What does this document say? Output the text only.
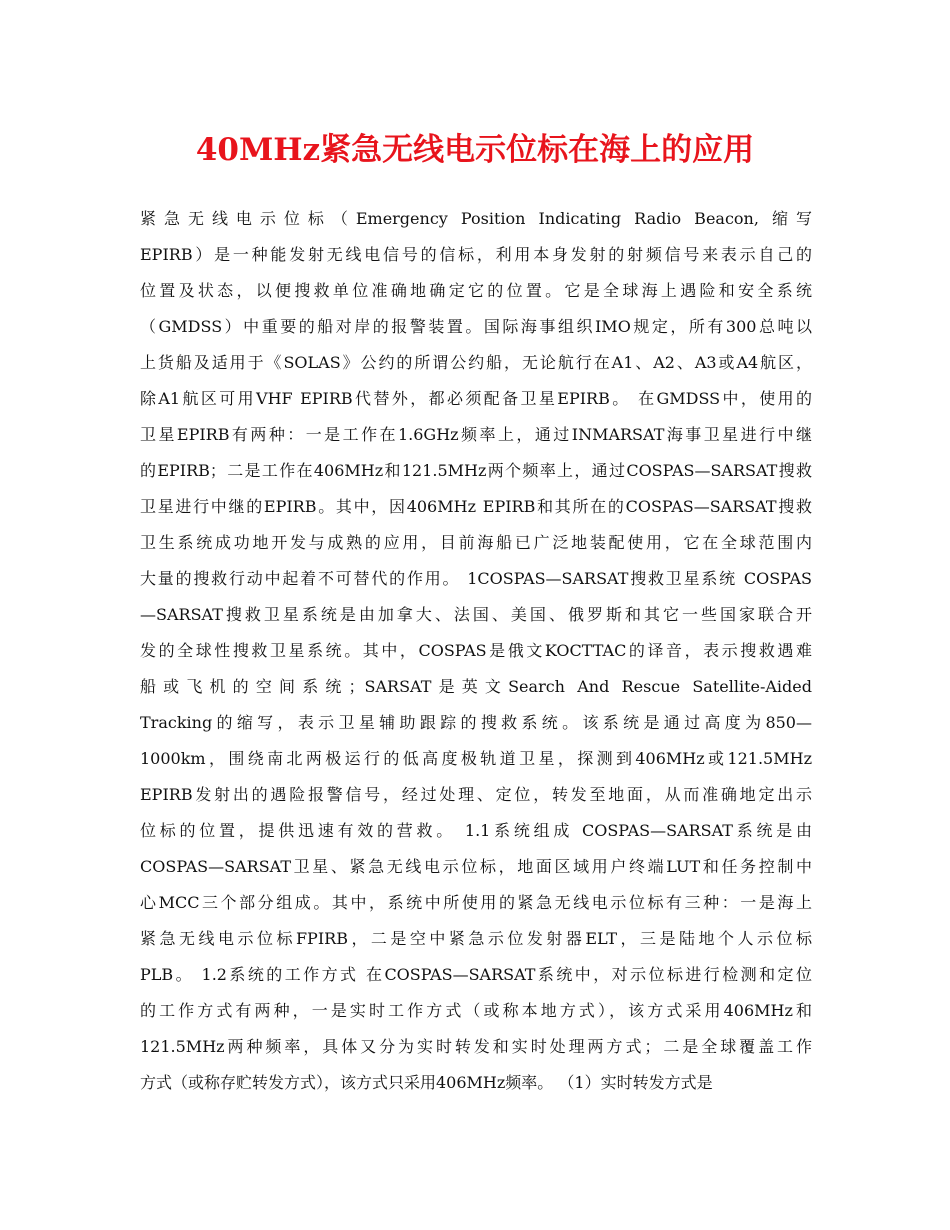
40MHz紧急无线电示位标在海上的应用
紧急无线电示位标（Emergency Position Indicating Radio Beacon, 缩写
EPIRB）是一种能发射无线电信号的信标，利用本身发射的射频信号来表示自己的
位置及状态，以便搜救单位准确地确定它的位置。它是全球海上遇险和安全系统
（GMDSS）中重要的船对岸的报警装置。国际海事组织IMO规定，所有300总吨以
上货船及适用于《SOLAS》公约的所谓公约船，无论航行在A1、A2、A3或A4航区，
除A1航区可用VHF EPIRB代替外，都必须配备卫星EPIRB。 在GMDSS中，使用的
卫星EPIRB有两种：一是工作在1.6GHz频率上，通过INMARSAT海事卫星进行中继
的EPIRB；二是工作在406MHz和121.5MHz两个频率上，通过COSPAS—SARSAT搜救
卫星进行中继的EPIRB。其中，因406MHz EPIRB和其所在的COSPAS—SARSAT搜救
卫生系统成功地开发与成熟的应用，目前海船已广泛地装配使用，它在全球范围内
大量的搜救行动中起着不可替代的作用。 1COSPAS—SARSAT搜救卫星系统 COSPAS
—SARSAT搜救卫星系统是由加拿大、法国、美国、俄罗斯和其它一些国家联合开
发的全球性搜救卫星系统。其中，COSPAS是俄文KOCTTAC的译音，表示搜救遇难
船或飞机的空间系统；SARSAT是英文Search And Rescue Satellite-Aided
Tracking的缩写，表示卫星辅助跟踪的搜救系统。该系统是通过高度为850—
1000km，围绕南北两极运行的低高度极轨道卫星，探测到406MHz或121.5MHz
EPIRB发射出的遇险报警信号，经过处理、定位，转发至地面，从而准确地定出示
位标的位置，提供迅速有效的营救。 1.1系统组成 COSPAS—SARSAT系统是由
COSPAS—SARSAT卫星、紧急无线电示位标，地面区域用户终端LUT和任务控制中
心MCC三个部分组成。其中，系统中所使用的紧急无线电示位标有三种：一是海上
紧急无线电示位标FPIRB，二是空中紧急示位发射器ELT，三是陆地个人示位标
PLB。 1.2系统的工作方式 在COSPAS—SARSAT系统中，对示位标进行检测和定位
的工作方式有两种，一是实时工作方式（或称本地方式），该方式采用406MHz和
121.5MHz两种频率，具体又分为实时转发和实时处理两方式；二是全球覆盖工作
方式（或称存贮转发方式），该方式只采用406MHz频率。 （1）实时转发方式是
